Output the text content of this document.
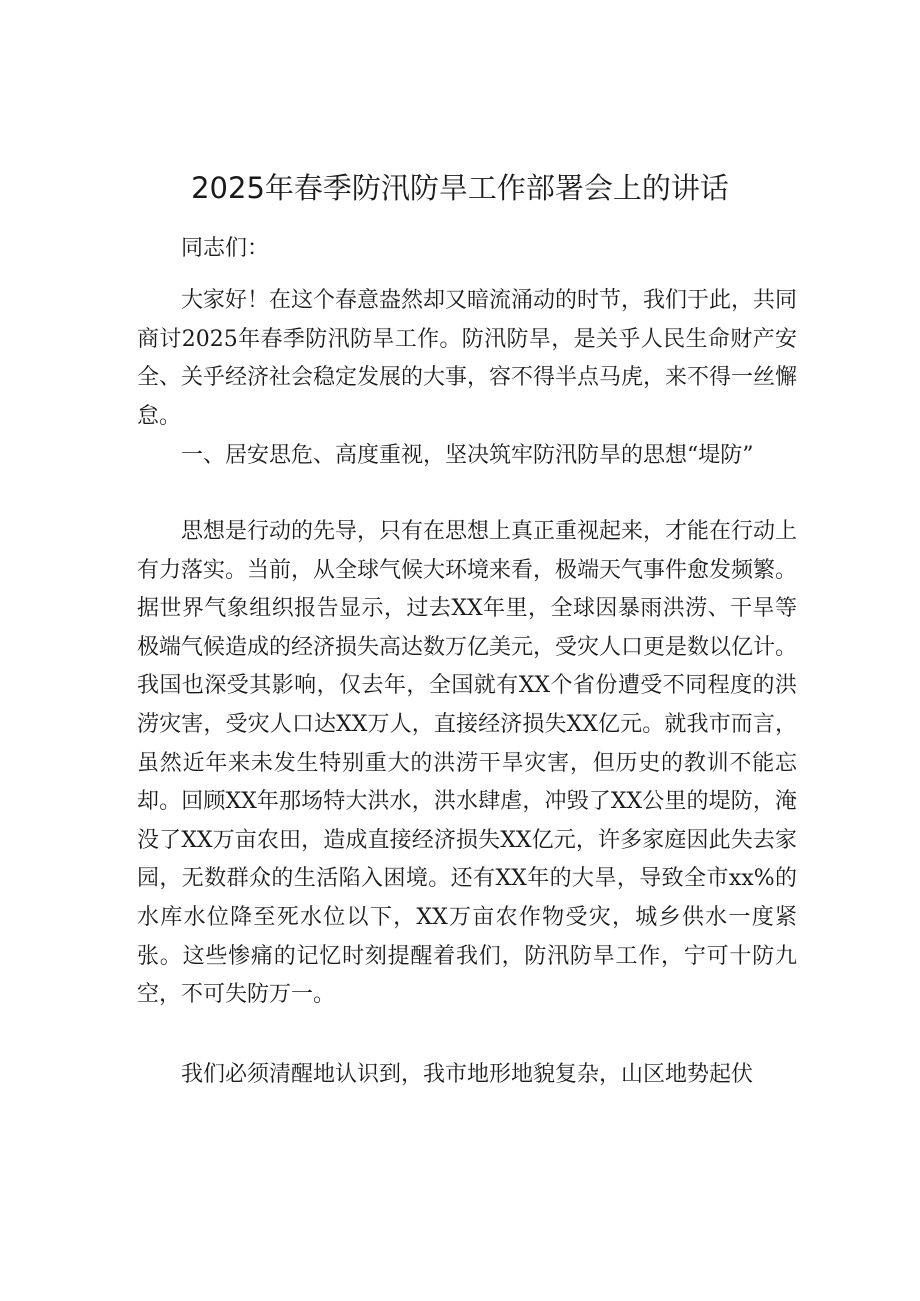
2025年春季防汛防旱工作部署会上的讲话

同志们：

大家好！在这个春意盎然却又暗流涌动的时节，我们于此，共同商讨2025年春季防汛防旱工作。防汛防旱，是关乎人民生命财产安全、关乎经济社会稳定发展的大事，容不得半点马虎，来不得一丝懈怠。

一、居安思危、高度重视，坚决筑牢防汛防旱的思想“堤防”

思想是行动的先导，只有在思想上真正重视起来，才能在行动上有力落实。当前，从全球气候大环境来看，极端天气事件愈发频繁。据世界气象组织报告显示，过去XX年里，全球因暴雨洪涝、干旱等极端气候造成的经济损失高达数万亿美元，受灾人口更是数以亿计。我国也深受其影响，仅去年，全国就有XX个省份遭受不同程度的洪涝灾害，受灾人口达XX万人，直接经济损失XX亿元。就我市而言，虽然近年来未发生特别重大的洪涝干旱灾害，但历史的教训不能忘却。回顾XX年那场特大洪水，洪水肆虐，冲毁了XX公里的堤防，淹没了XX万亩农田，造成直接经济损失XX亿元，许多家庭因此失去家园，无数群众的生活陷入困境。还有XX年的大旱，导致全市xx%的水库水位降至死水位以下，XX万亩农作物受灾，城乡供水一度紧张。这些惨痛的记忆时刻提醒着我们，防汛防旱工作，宁可十防九空，不可失防万一。

我们必须清醒地认识到，我市地形地貌复杂，山区地势起伏
